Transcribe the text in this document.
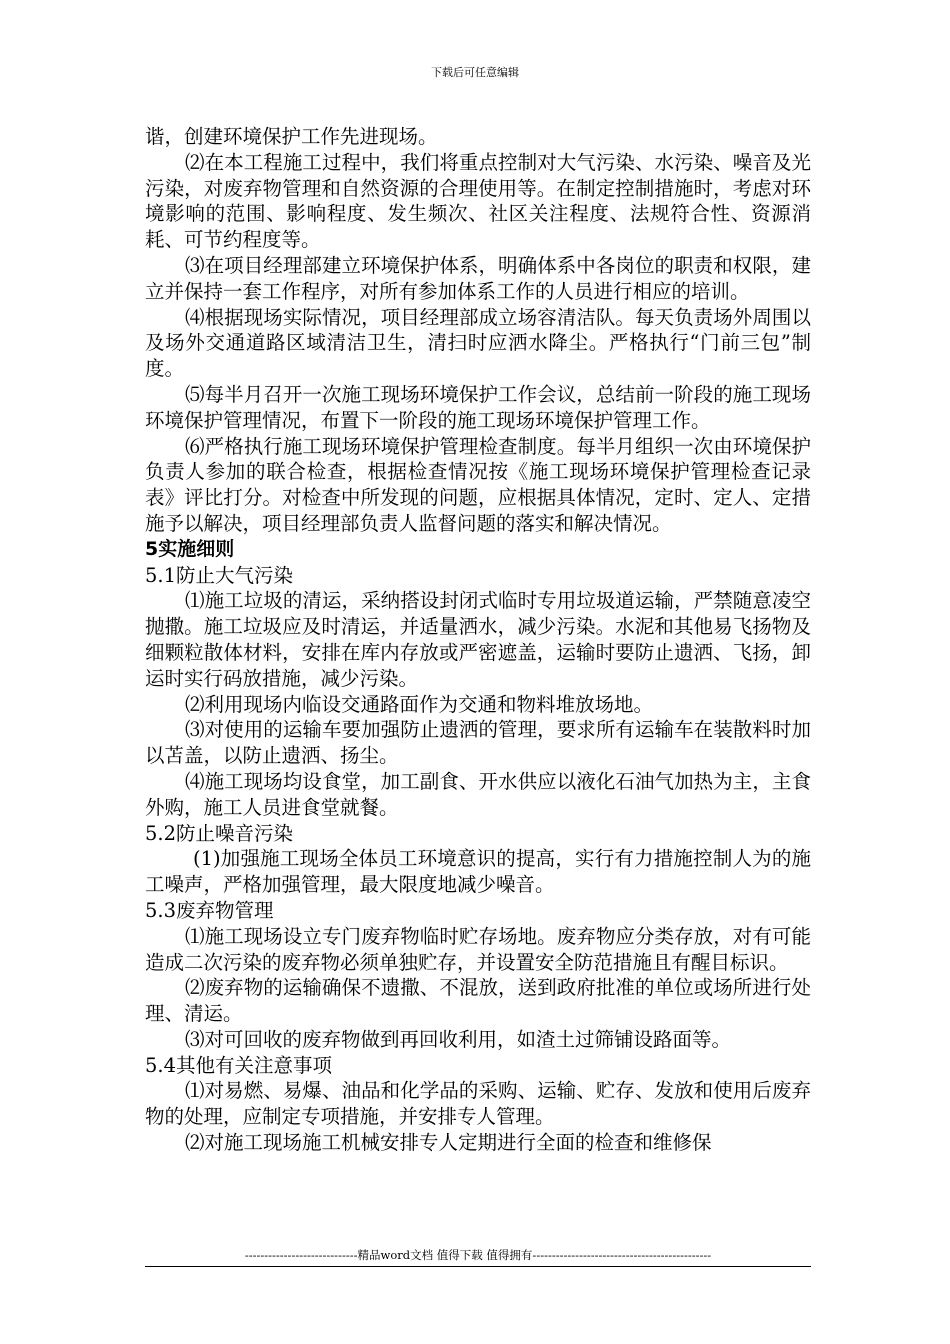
下载后可任意编辑

谐，创建环境保护工作先进现场。

⑵在本工程施工过程中，我们将重点控制对大气污染、水污染、噪音及光污染，对废弃物管理和自然资源的合理使用等。在制定控制措施时，考虑对环境影响的范围、影响程度、发生频次、社区关注程度、法规符合性、资源消耗、可节约程度等。

⑶在项目经理部建立环境保护体系，明确体系中各岗位的职责和权限，建立并保持一套工作程序，对所有参加体系工作的人员进行相应的培训。

⑷根据现场实际情况，项目经理部成立场容清洁队。每天负责场外周围以及场外交通道路区域清洁卫生，清扫时应洒水降尘。严格执行“门前三包”制度。

⑸每半月召开一次施工现场环境保护工作会议，总结前一阶段的施工现场环境保护管理情况，布置下一阶段的施工现场环境保护管理工作。

⑹严格执行施工现场环境保护管理检查制度。每半月组织一次由环境保护负责人参加的联合检查，根据检查情况按《施工现场环境保护管理检查记录表》评比打分。对检查中所发现的问题，应根据具体情况，定时、定人、定措施予以解决，项目经理部负责人监督问题的落实和解决情况。

5实施细则

5.1防止大气污染

⑴施工垃圾的清运，采纳搭设封闭式临时专用垃圾道运输，严禁随意凌空抛撒。施工垃圾应及时清运，并适量洒水，减少污染。水泥和其他易飞扬物及细颗粒散体材料，安排在库内存放或严密遮盖，运输时要防止遗洒、飞扬，卸运时实行码放措施，减少污染。

⑵利用现场内临设交通路面作为交通和物料堆放场地。

⑶对使用的运输车要加强防止遗洒的管理，要求所有运输车在装散料时加以苫盖，以防止遗洒、扬尘。

⑷施工现场均设食堂，加工副食、开水供应以液化石油气加热为主，主食外购，施工人员进食堂就餐。

5.2防止噪音污染

(1)加强施工现场全体员工环境意识的提高，实行有力措施控制人为的施工噪声，严格加强管理，最大限度地减少噪音。

5.3废弃物管理

⑴施工现场设立专门废弃物临时贮存场地。废弃物应分类存放，对有可能造成二次污染的废弃物必须单独贮存，并设置安全防范措施且有醒目标识。

⑵废弃物的运输确保不遗撒、不混放，送到政府批准的单位或场所进行处理、清运。

⑶对可回收的废弃物做到再回收利用，如渣土过筛铺设路面等。

5.4其他有关注意事项

⑴对易燃、易爆、油品和化学品的采购、运输、贮存、发放和使用后废弃物的处理，应制定专项措施，并安排专人管理。

⑵对施工现场施工机械安排专人定期进行全面的检查和维修保

-----------------------------精品word文档 值得下载 值得拥有----------------------------------------------
